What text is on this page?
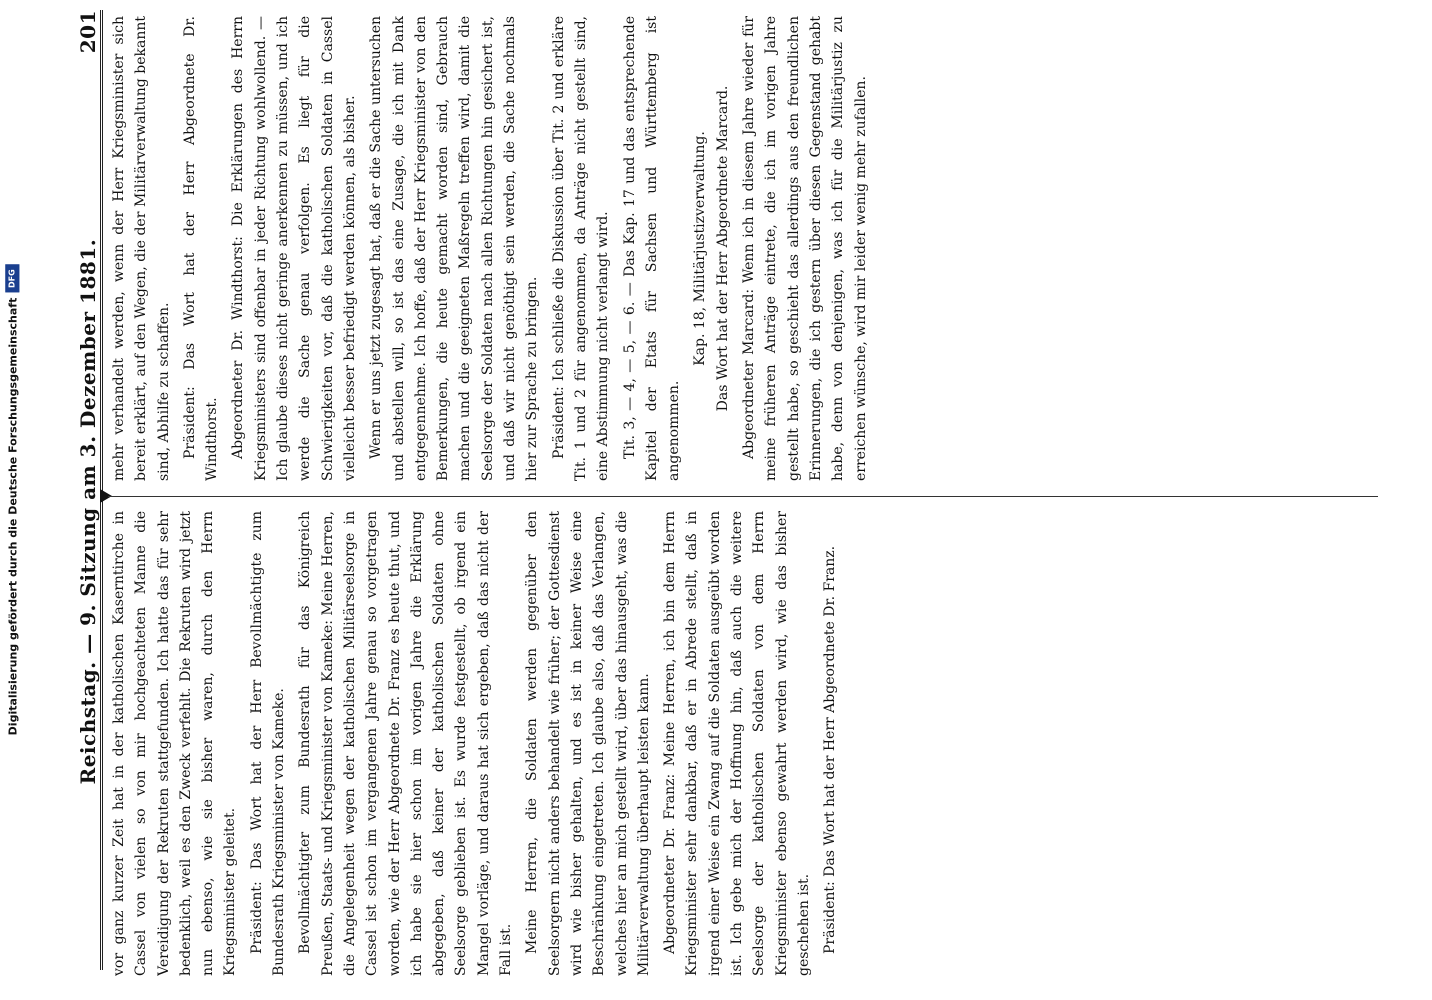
Reichstag. — 9. Sitzung am 3. Dezember 1881.
201

vor ganz kurzer Zeit hat in der katholischen Kaserntirche in Cassel von vielen so von mir hochgeachteten Manne die Vereidigung der Rekruten stattgefunden. Ich hatte das für sehr bedenklich, weil es den Zweck verfehlt. Die Rekruten wird jetzt nun ebenso, wie sie bisher waren, durch den Herrn Kriegsminister geleitet. Präsident: Das Wort hat der Herr Bevollmächtigte zum Bundesrath Kriegsminister von Kameke. Bevollmächtigter zum Bundesrath für das Königreich Preußen, Staats- und Kriegsminister von Kameke: Meine Herren, die Angelegenheit wegen der katholischen Militärseelsorge in Cassel ist schon im vergangenen Jahre genau so vorgetragen worden, wie der Herr Abgeordnete Dr. Franz es heute thut, und ich habe sie hier schon im vorigen Jahre die Erklärung abgegeben, daß keiner der katholischen Soldaten ohne Seelsorge geblieben ist. Es wurde festgestellt, ob irgend ein Mangel vorläge, und daraus hat sich ergeben, daß das nicht der Fall ist. Meine Herren, die Soldaten werden gegenüber den Seelsorgern nicht anders behandelt wie früher; der Gottesdienst wird wie bisher gehalten, und es ist in keiner Weise eine Beschränkung eingetreten. Ich glaube also, daß das Verlangen, welches hier an mich gestellt wird, über das hinausgeht, was die Militärverwaltung überhaupt leisten kann. Abgeordneter Dr. Franz: Meine Herren, ich bin dem Herrn Kriegsminister sehr dankbar, daß er in Abrede stellt, daß in irgend einer Weise ein Zwang auf die Soldaten ausgeübt worden ist. Ich gebe mich der Hoffnung hin, daß auch die weitere Seelsorge der katholischen Soldaten von dem Herrn Kriegsminister ebenso gewahrt werden wird, wie das bisher geschehen ist. Präsident: Das Wort hat der Herr Abgeordnete Dr. Franz.

mehr verhandelt werden, wenn der Herr Kriegsminister sich bereit erklärt, auf den Wegen, die der Militärverwaltung bekannt sind, Abhilfe zu schaffen. Präsident: Das Wort hat der Herr Abgeordnete Dr. Windthorst. Abgeordneter Dr. Windthorst: Die Erklärungen des Herrn Kriegsministers sind offenbar in jeder Richtung wohlwollend. — Ich glaube dieses nicht geringe anerkennen zu müssen, und ich werde die Sache genau verfolgen. Es liegt für die Schwierigkeiten vor, daß die katholischen Soldaten in Cassel vielleicht besser befriedigt werden können, als bisher. Wenn er uns jetzt zugesagt hat, daß er die Sache untersuchen und abstellen will, so ist das eine Zusage, die ich mit Dank entgegennehme. Ich hoffe, daß der Herr Kriegsminister von den Bemerkungen, die heute gemacht worden sind, Gebrauch machen und die geeigneten Maßregeln treffen wird, damit die Seelsorge der Soldaten nach allen Richtungen hin gesichert ist, und daß wir nicht genöthigt sein werden, die Sache nochmals hier zur Sprache zu bringen. Präsident: Ich schließe die Diskussion über Tit. 2 und erkläre Tit. 1 und 2 für angenommen, da Anträge nicht gestellt sind, eine Abstimmung nicht verlangt wird. Tit. 3, — 4, — 5, — 6. — Das Kap. 17 und das entsprechende Kapitel der Etats für Sachsen und Württemberg ist angenommen.

Kap. 18, Militärjustizverwaltung. Das Wort hat der Herr Abgeordnete Marcard. Abgeordneter Marcard: Wenn ich in diesem Jahre wieder für meine früheren Anträge eintrete, die ich im vorigen Jahre gestellt habe, so geschieht das allerdings aus den freundlichen Erinnerungen, die ich gestern über diesen Gegenstand gehabt habe, denn von denjenigen, was ich für die Militärjustiz zu erreichen wünsche, wird mir leider wenig mehr zufallen.

Digitalisierung gefördert durch die Deutsche Forschungsgemeinschaft
DFG
